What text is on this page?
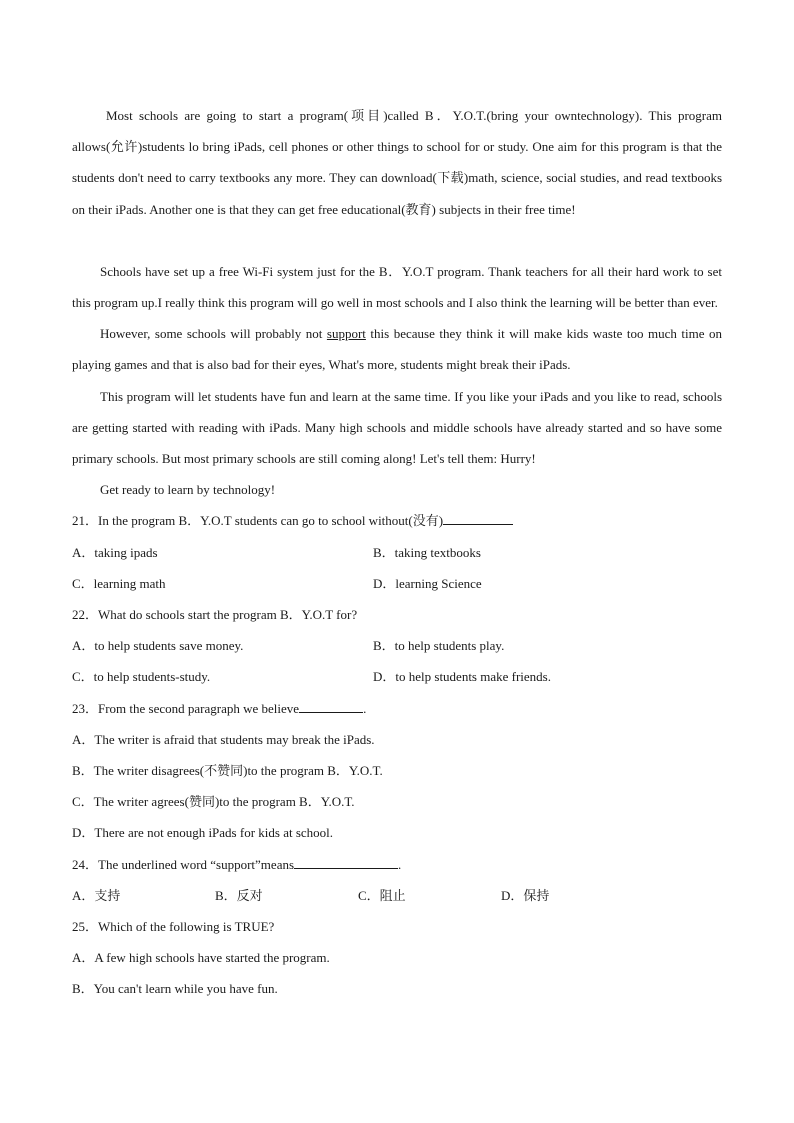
Most schools are going to start a program(项目)called B．Y.O.T.(bring your owntechnology). This program allows(允许)students lo bring iPads, cell phones or other things to school for or study. One aim for this program is that the students don't need to carry textbooks any more. They can download(下载)math, science, social studies, and read textbooks on their iPads. Another one is that they can get free educational(教育) subjects in their free time!

Schools have set up a free Wi-Fi system just for the B．Y.O.T program. Thank teachers for all their hard work to set this program up.I really think this program will go well in most schools and I also think the learning will be better than ever.

However, some schools will probably not support this because they think it will make kids waste too much time on playing games and that is also bad for their eyes, What's more, students might break their iPads.

This program will let students have fun and learn at the same time. If you like your iPads and you like to read, schools are getting started with reading with iPads. Many high schools and middle schools have already started and so have some primary schools. But most primary schools are still coming along! Let's tell them: Hurry!

Get ready to learn by technology!

21．In the program B．Y.O.T students can go to school without(没有)

A．taking ipads	B．taking textbooks
C．learning math	D．learning Science

22．What do schools start the program B．Y.O.T for?

A．to help students save money.	B．to help students play.
C．to help students-study.	D．to help students make friends.

23．From the second paragraph we believe	.

A．The writer is afraid that students may break the iPads.

B．The writer disagrees(不赞同)to the program B．Y.O.T.

C．The writer agrees(赞同)to the program B．Y.O.T.

D．There are not enough iPads for kids at school.

24．The underlined word “support”means	.

A．支持	B．反对	C．阻止	D．保持

25．Which of the following is TRUE?

A．A few high schools have started the program.

B．You can't learn while you have fun.
